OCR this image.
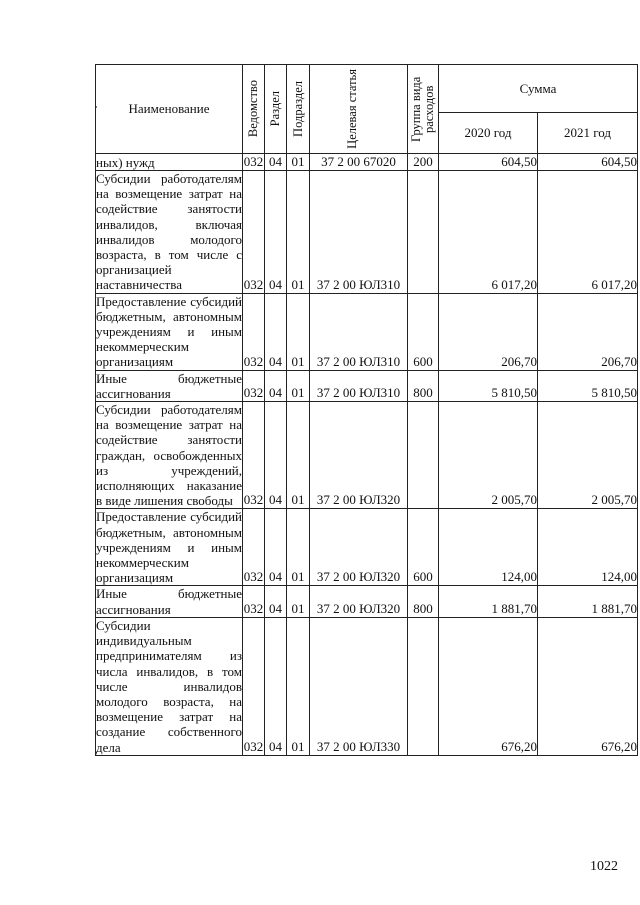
Наименование	Ведомство	Раздел	Подраздел	Целевая статья	Группа вида расходов	Сумма	
						2020 год	2021 год
ных) нужд	032	04	01	37 2 00 67020	200	604,50	604,50
Субсидии работодателям на возмещение затрат на содействие занятости инвалидов, включая инвалидов молодого возраста, в том числе с организацией наставничества	032	04	01	37 2 00 ЮЛ310		6 017,20	6 017,20
Предоставление субсидий бюджетным, автономным учреждениям и иным некоммерческим организациям	032	04	01	37 2 00 ЮЛ310	600	206,70	206,70
Иные бюджетные ассигнования	032	04	01	37 2 00 ЮЛ310	800	5 810,50	5 810,50
Субсидии работодателям на возмещение затрат на содействие занятости граждан, освобожденных из учреждений, исполняющих наказание в виде лишения свободы	032	04	01	37 2 00 ЮЛ320		2 005,70	2 005,70
Предоставление субсидий бюджетным, автономным учреждениям и иным некоммерческим организациям	032	04	01	37 2 00 ЮЛ320	600	124,00	124,00
Иные бюджетные ассигнования	032	04	01	37 2 00 ЮЛ320	800	1 881,70	1 881,70
Субсидии индивидуальным предпринимателям из числа инвалидов, в том числе инвалидов молодого возраста, на возмещение затрат на создание собственного дела	032	04	01	37 2 00 ЮЛ330		676,20	676,20
1022
